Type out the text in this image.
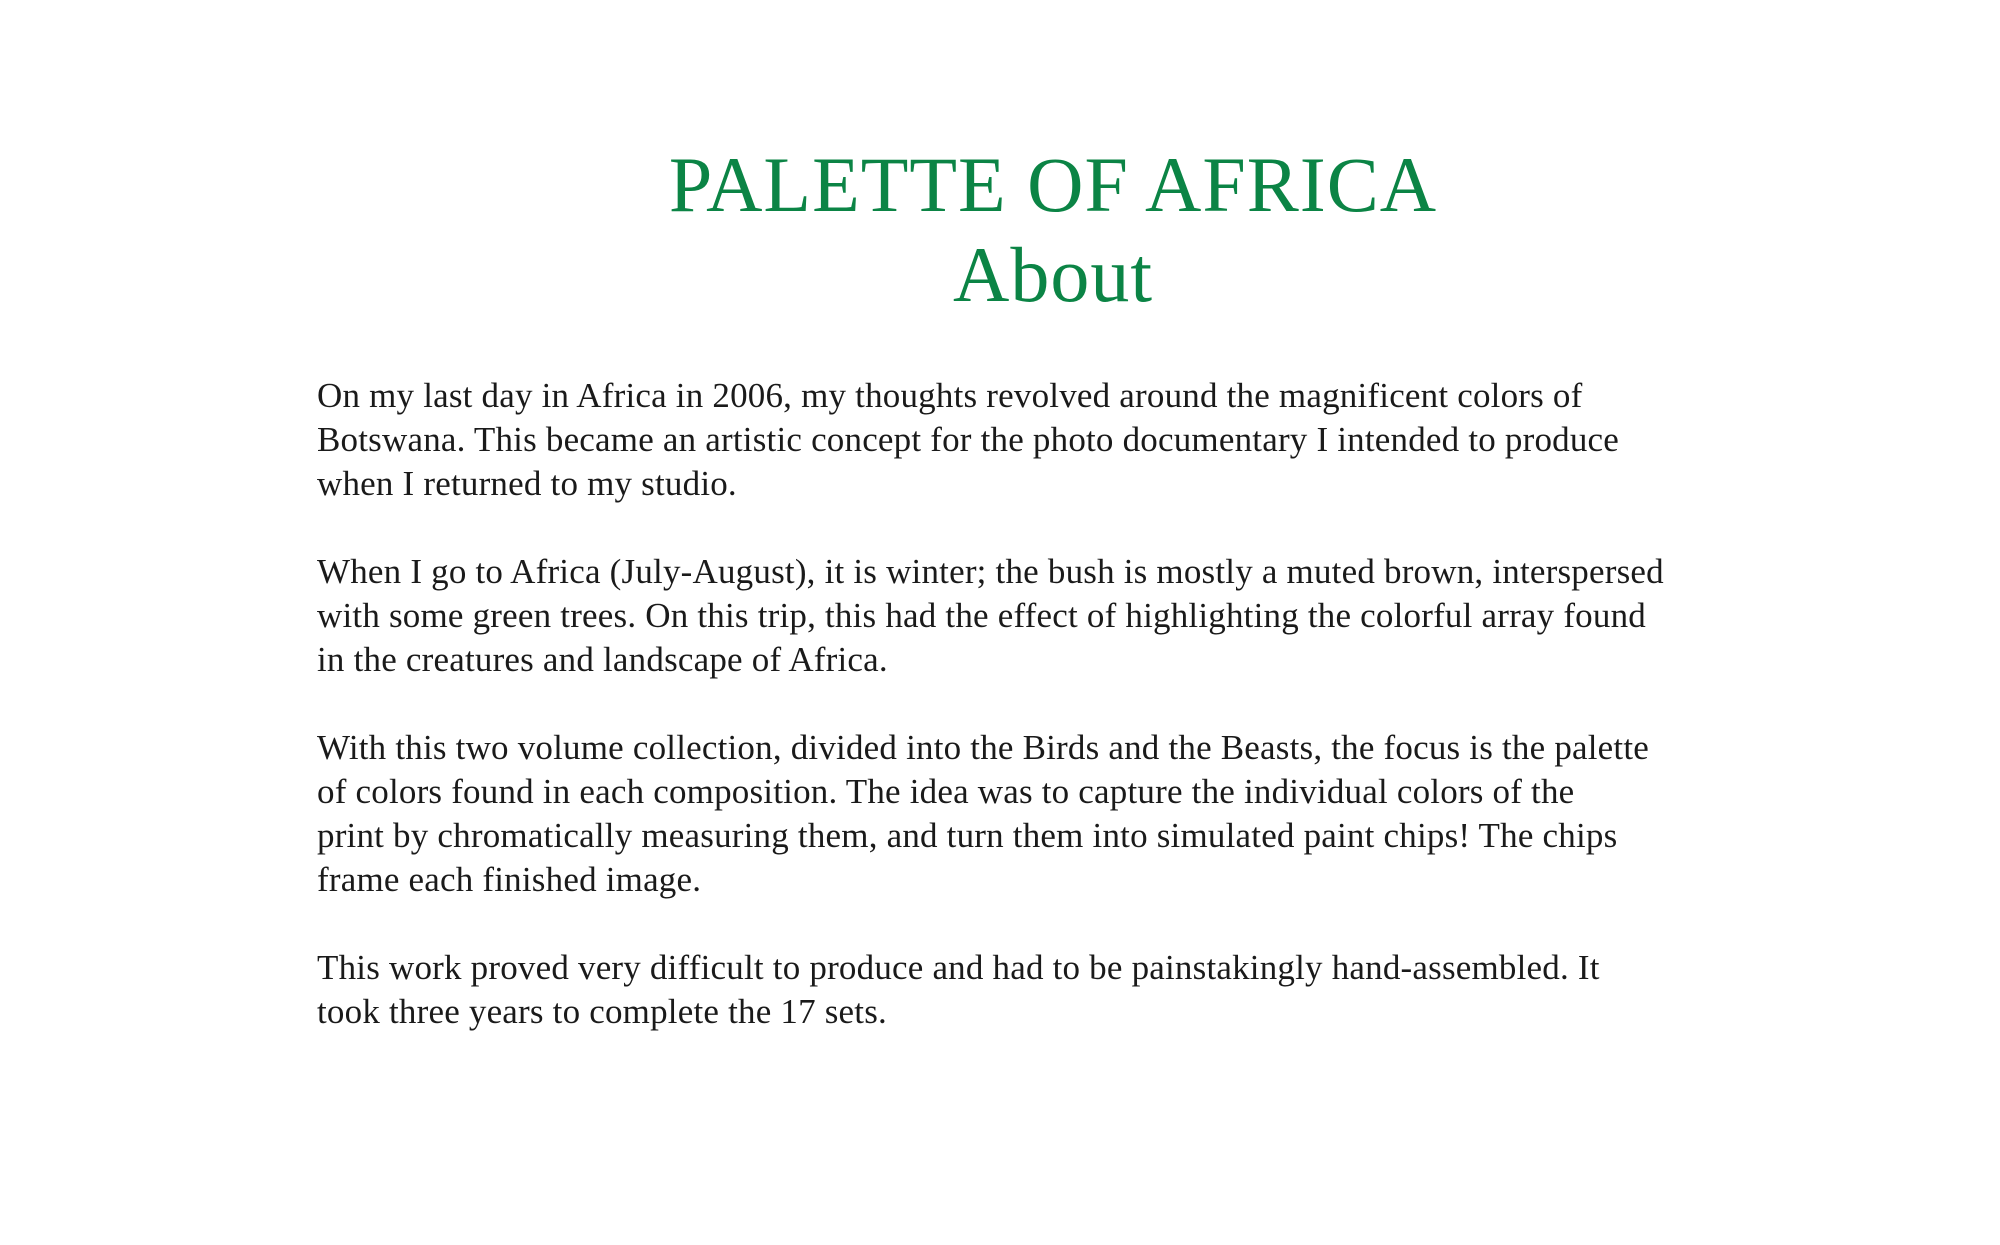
PALETTE OF AFRICA
About

On my last day in Africa in 2006, my thoughts revolved around the magnificent colors of
Botswana. This became an artistic concept for the photo documentary I intended to produce
when I returned to my studio.

When I go to Africa (July-August), it is winter; the bush is mostly a muted brown, interspersed
with some green trees. On this trip, this had the effect of highlighting the colorful array found
in the creatures and landscape of Africa.

With this two volume collection, divided into the Birds and the Beasts, the focus is the palette
of colors found in each composition. The idea was to capture the individual colors of the
print by chromatically measuring them, and turn them into simulated paint chips! The chips
frame each finished image.

This work proved very difficult to produce and had to be painstakingly hand-assembled. It
took three years to complete the 17 sets.
